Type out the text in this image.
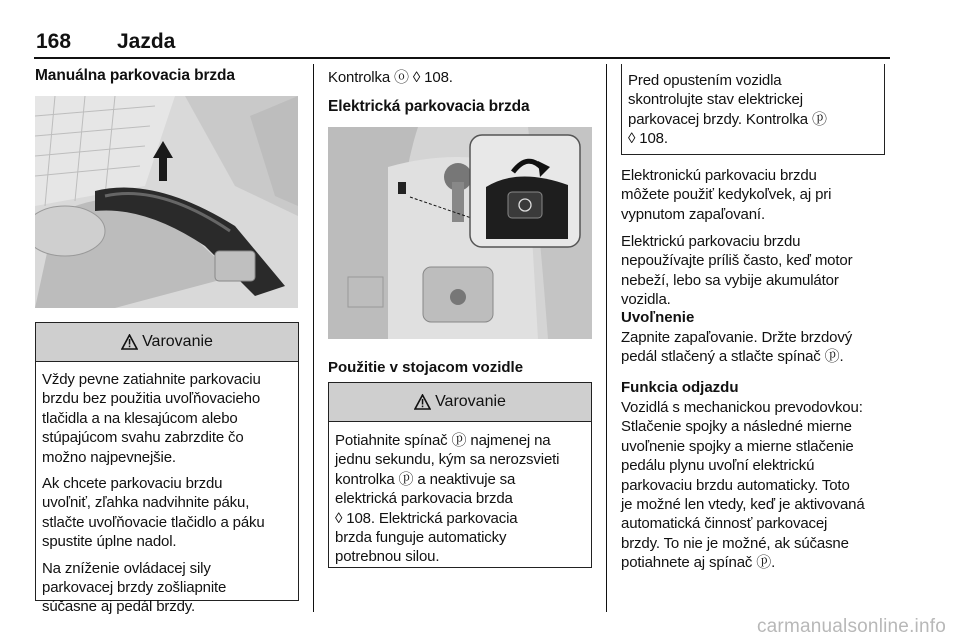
168 Jazda
Manuálna parkovacia brzda
Varovanie
Vždy pevne zatiahnite parkovaciu
brzdu bez použitia uvoľňovacieho
tlačidla a na klesajúcom alebo
stúpajúcom svahu zabrzdite čo
možno najpevnejšie.
Ak chcete parkovaciu brzdu
uvoľniť, zľahka nadvihnite páku,
stlačte uvoľňovacie tlačidlo a páku
spustite úplne nadol.
Na zníženie ovládacej sily
parkovacej brzdy zošliapnite
súčasne aj pedál brzdy.
Kontrolka ⓞ ◊ 108.
Elektrická parkovacia brzda
Použitie v stojacom vozidle
Varovanie
Potiahnite spínač ⓟ najmenej na
jednu sekundu, kým sa nerozsvieti
kontrolka ⓟ a neaktivuje sa
elektrická parkovacia brzda
◊ 108. Elektrická parkovacia
brzda funguje automaticky
potrebnou silou.
Pred opustením vozidla
skontrolujte stav elektrickej
parkovacej brzdy. Kontrolka ⓟ
◊ 108.
Elektronickú parkovaciu brzdu
môžete použiť kedykoľvek, aj pri
vypnutom zapaľovaní.
Elektrickú parkovaciu brzdu
nepoužívajte príliš často, keď motor
nebeží, lebo sa vybije akumulátor
vozidla.
Uvoľnenie
Zapnite zapaľovanie. Držte brzdový
pedál stlačený a stlačte spínač ⓟ.
Funkcia odjazdu
Vozidlá s mechanickou prevodovkou:
Stlačenie spojky a následné mierne
uvoľnenie spojky a mierne stlačenie
pedálu plynu uvoľní elektrickú
parkovaciu brzdu automaticky. Toto
je možné len vtedy, keď je aktivovaná
automatická činnosť parkovacej
brzdy. To nie je možné, ak súčasne
potiahnete aj spínač ⓟ.
carmanualsonline.info
